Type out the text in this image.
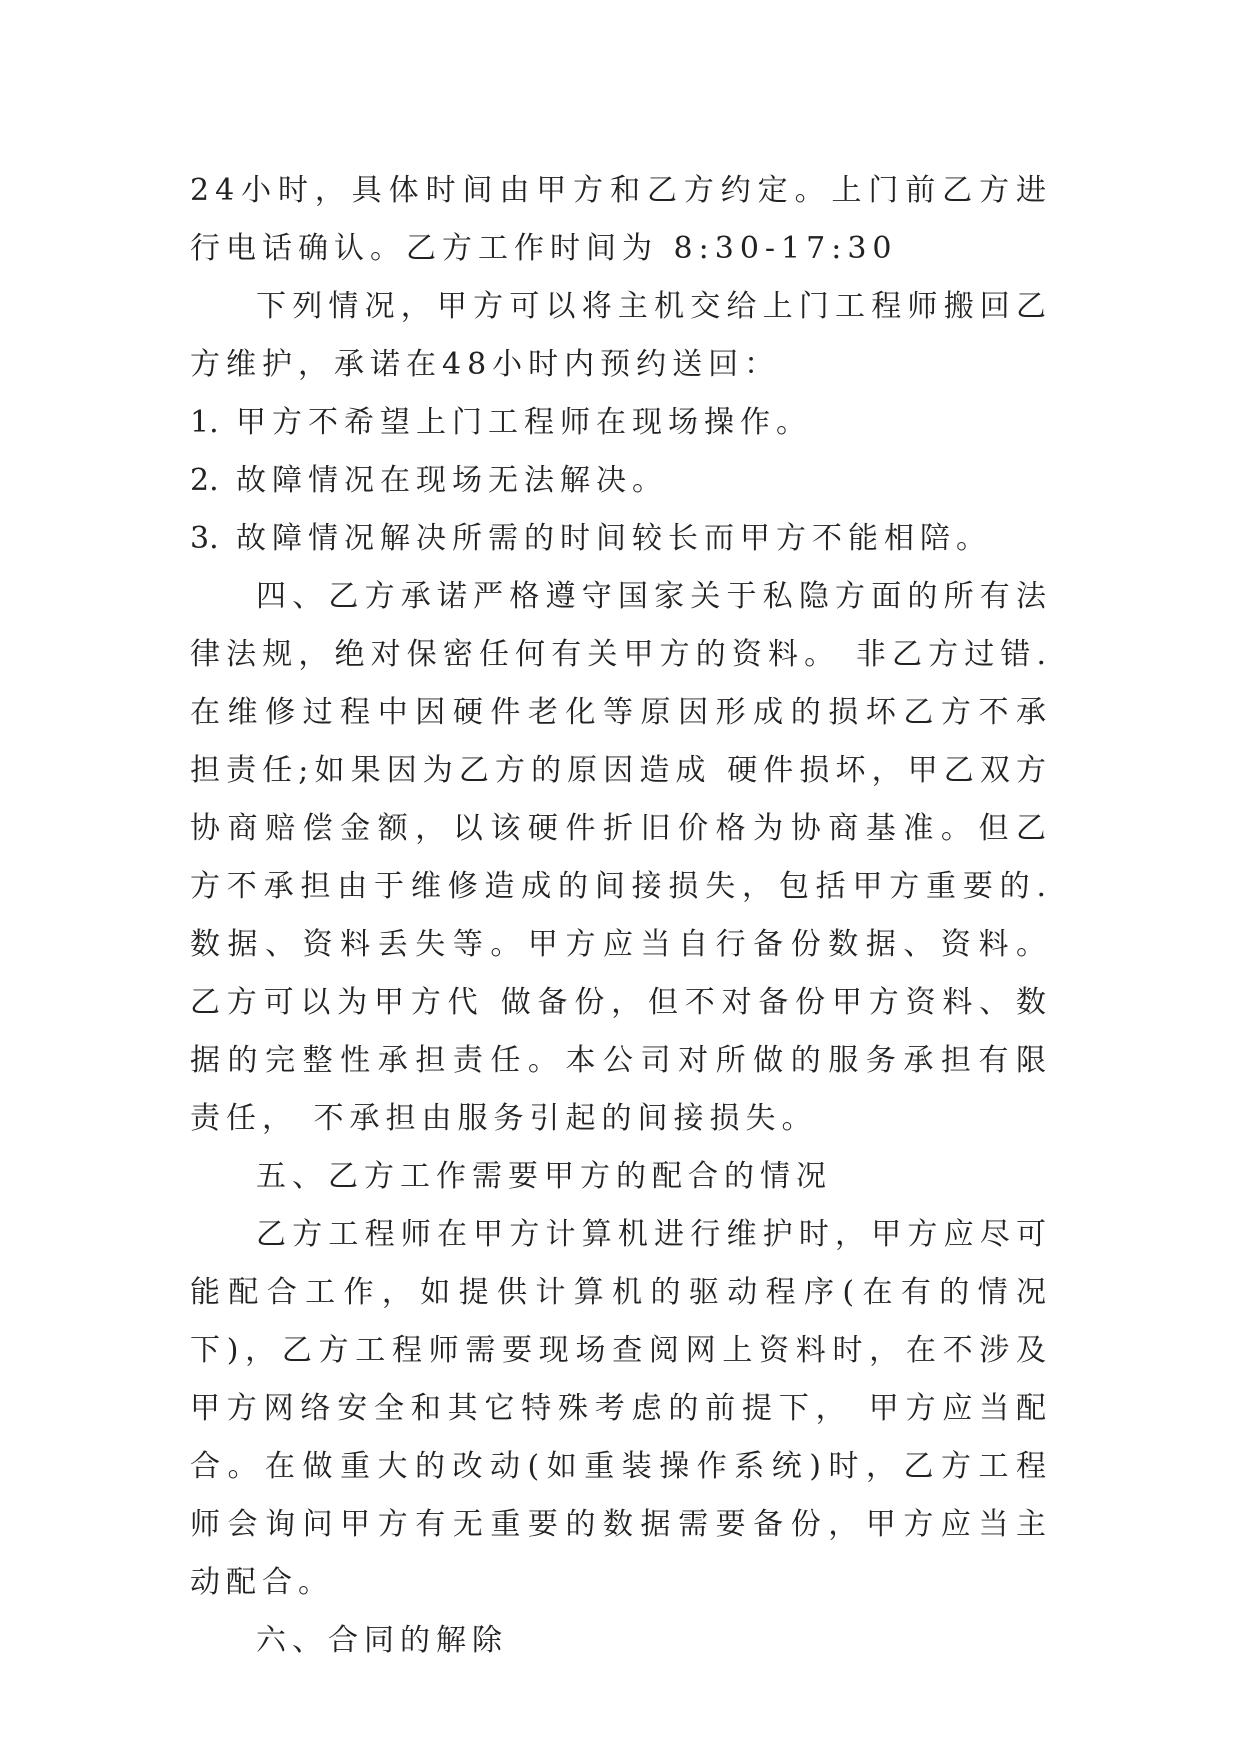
24小时，具体时间由甲方和乙方约定。上门前乙方进行电话确认。乙方工作时间为 8:30-17:30

下列情况，甲方可以将主机交给上门工程师搬回乙方维护，承诺在48小时内预约送回：

1. 甲方不希望上门工程师在现场操作。

2. 故障情况在现场无法解决。

3. 故障情况解决所需的时间较长而甲方不能相陪。

四、乙方承诺严格遵守国家关于私隐方面的所有法律法规，绝对保密任何有关甲方的资料。 非乙方过错.在维修过程中因硬件老化等原因形成的损坏乙方不承担责任;如果因为乙方的原因造成 硬件损坏，甲乙双方协商赔偿金额，以该硬件折旧价格为协商基准。但乙方不承担由于维修造成的间接损失，包括甲方重要的.数据、资料丢失等。甲方应当自行备份数据、资料。乙方可以为甲方代 做备份，但不对备份甲方资料、数据的完整性承担责任。本公司对所做的服务承担有限责任， 不承担由服务引起的间接损失。

五、乙方工作需要甲方的配合的情况

乙方工程师在甲方计算机进行维护时，甲方应尽可能配合工作，如提供计算机的驱动程序(在有的情况下)，乙方工程师需要现场查阅网上资料时，在不涉及甲方网络安全和其它特殊考虑的前提下， 甲方应当配合。在做重大的改动(如重装操作系统)时，乙方工程师会询问甲方有无重要的数据需要备份，甲方应当主动配合。

六、合同的解除
